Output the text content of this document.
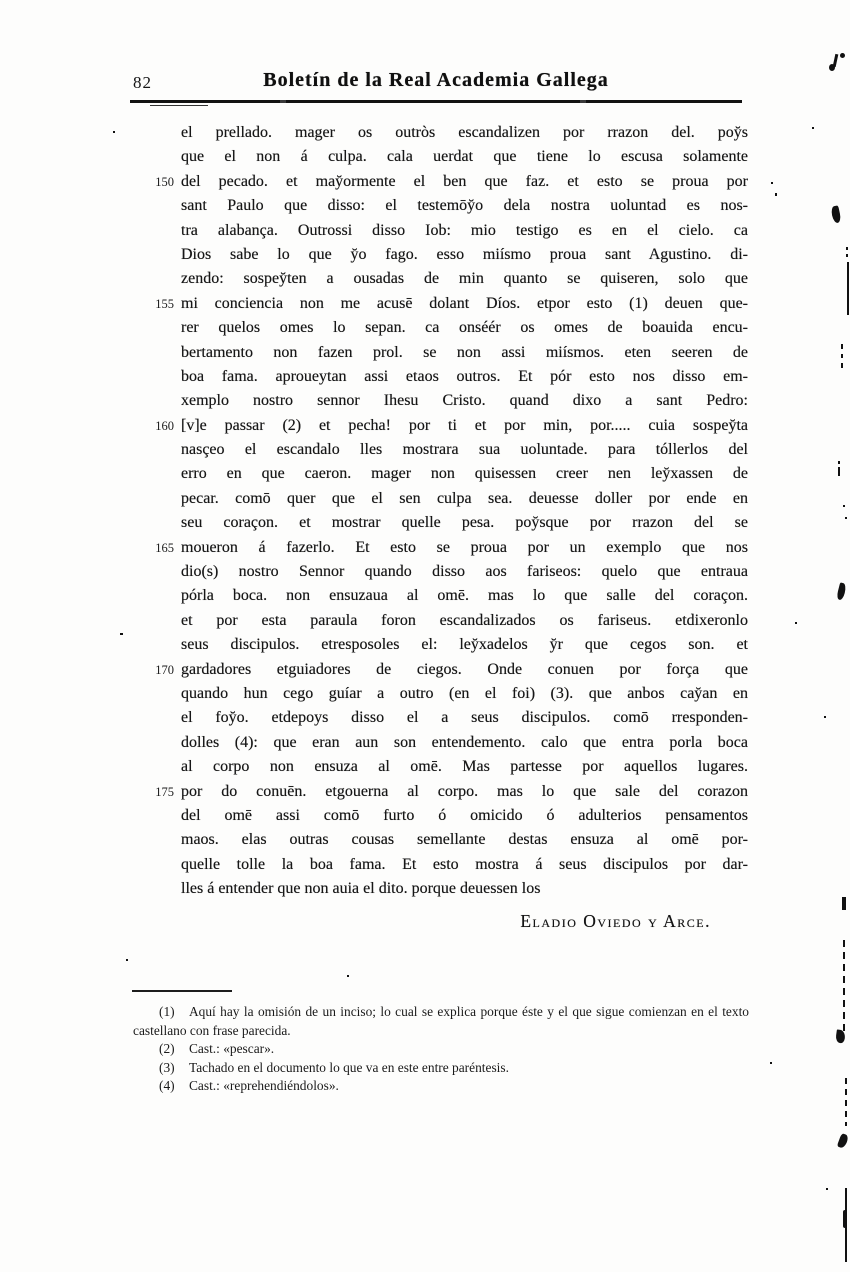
82	Boletín de la Real Academia Gallega
el prellado. mager os outròs escandalizen por rrazon del. poy̆s
que el non á culpa. cala uerdat que tiene lo escusa solamente
150 del pecado. et may̆ormente el ben que faz. et esto se proua por
sant Paulo que disso: el testemōy̆o dela nostra uoluntad es nos-
tra alabança. Outrossi disso Iob: mio testigo es en el cielo. ca
Dios sabe lo que y̆o fago. esso miísmo proua sant Agustino. di-
zendo: sospey̆ten a ousadas de min quanto se quiseren, solo que
155 mi conciencia non me acusē dolant Díos. etpor esto (1) deuen que-
rer quelos omes lo sepan. ca onséér os omes de boauida encu-
bertamento non fazen prol. se non assi miísmos. eten seeren de
boa fama. aproueytan assi etaos outros. Et pór esto nos disso em-
xemplo nostro sennor Ihesu Cristo. quand dixo a sant Pedro:
160 [v]e passar (2) et pecha! por ti et por min, por..... cuia sospey̆ta
nasçeo el escandalo lles mostrara sua uoluntade. para tóllerlos del
erro en que caeron. mager non quisessen creer nen ley̆xassen de
pecar. comō quer que el sen culpa sea. deuesse doller por ende en
seu coraçon. et mostrar quelle pesa. poy̆sque por rrazon del se
165 moueron á fazerlo. Et esto se proua por un exemplo que nos
dio(s) nostro Sennor quando disso aos fariseos: quelo que entraua
pórla boca. non ensuzaua al omē. mas lo que salle del coraçon.
et por esta paraula foron escandalizados os fariseus. etdixeronlo
seus discipulos. etresposoles el: ley̆xadelos y̆r que cegos son. et
170 gardadores etguiadores de ciegos. Onde conuen por força que
quando hun cego guíar a outro (en el foi) (3). que anbos cay̆an en
el foy̆o. etdepoys disso el a seus discipulos. comō rresponden-
dolles (4): que eran aun son entendemento. calo que entra porla boca
al corpo non ensuza al omē. Mas partesse por aquellos lugares.
175 por do conuēn. etgouerna al corpo. mas lo que sale del corazon
del omē assi comō furto ó omicido ó adulterios pensamentos
maos. elas outras cousas semellante destas ensuza al omē por-
quelle tolle la boa fama. Et esto mostra á seus discipulos por dar-
lles á entender que non auia el dito. porque deuessen los
Eladio Oviedo y Arce.

(1) Aquí hay la omisión de un inciso; lo cual se explica porque éste y el que sigue comienzan en el texto castellano con frase parecida.

(2) Cast.: «pescar».

(3) Tachado en el documento lo que va en este entre paréntesis.

(4) Cast.: «reprehendiéndolos».
